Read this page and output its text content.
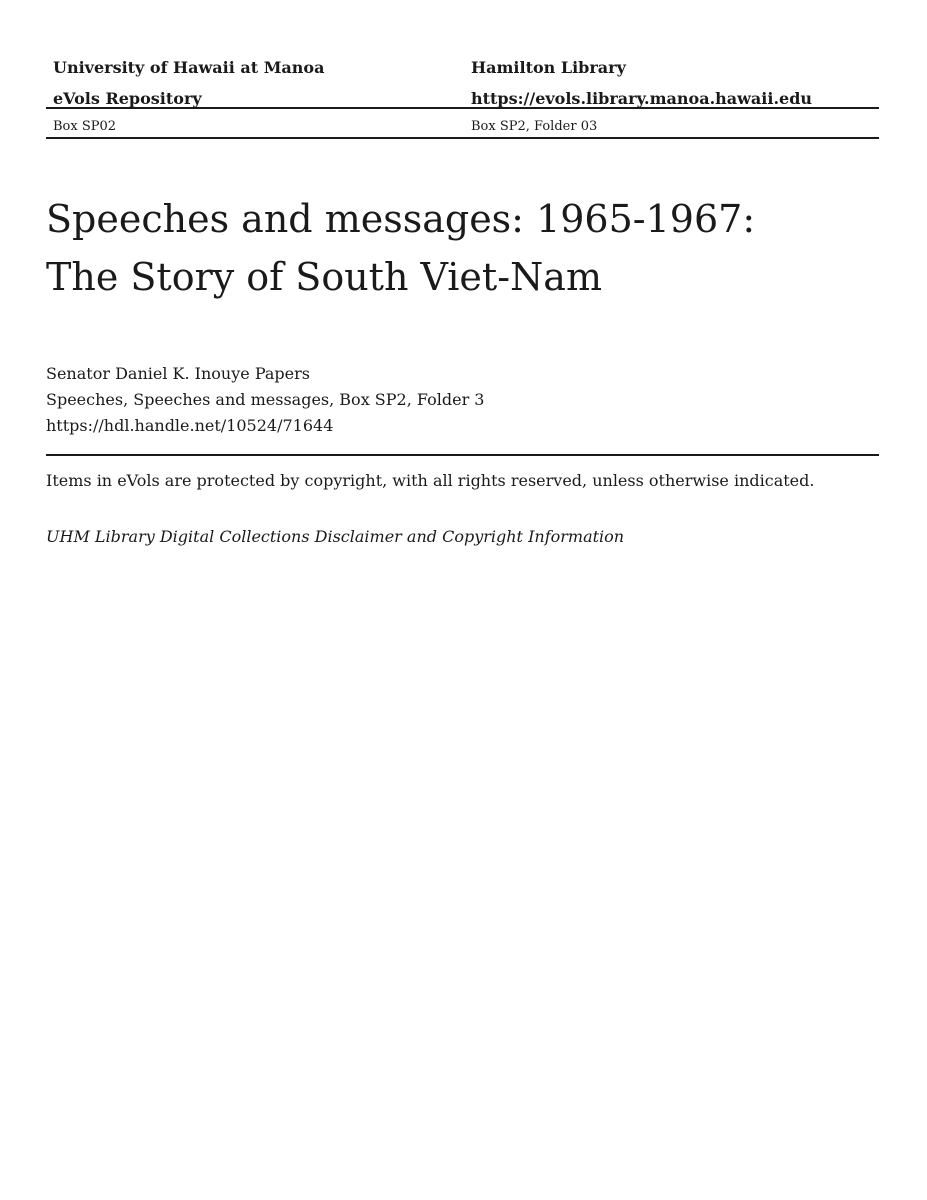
University of Hawaii at Manoa	Hamilton Library
eVols Repository	https://evols.library.manoa.hawaii.edu
Box SP02	Box SP2, Folder 03
Speeches and messages: 1965-1967:
The Story of South Viet-Nam
Senator Daniel K. Inouye Papers
Speeches, Speeches and messages, Box SP2, Folder 3
https://hdl.handle.net/10524/71644
Items in eVols are protected by copyright, with all rights reserved, unless otherwise indicated.
UHM Library Digital Collections Disclaimer and Copyright Information
